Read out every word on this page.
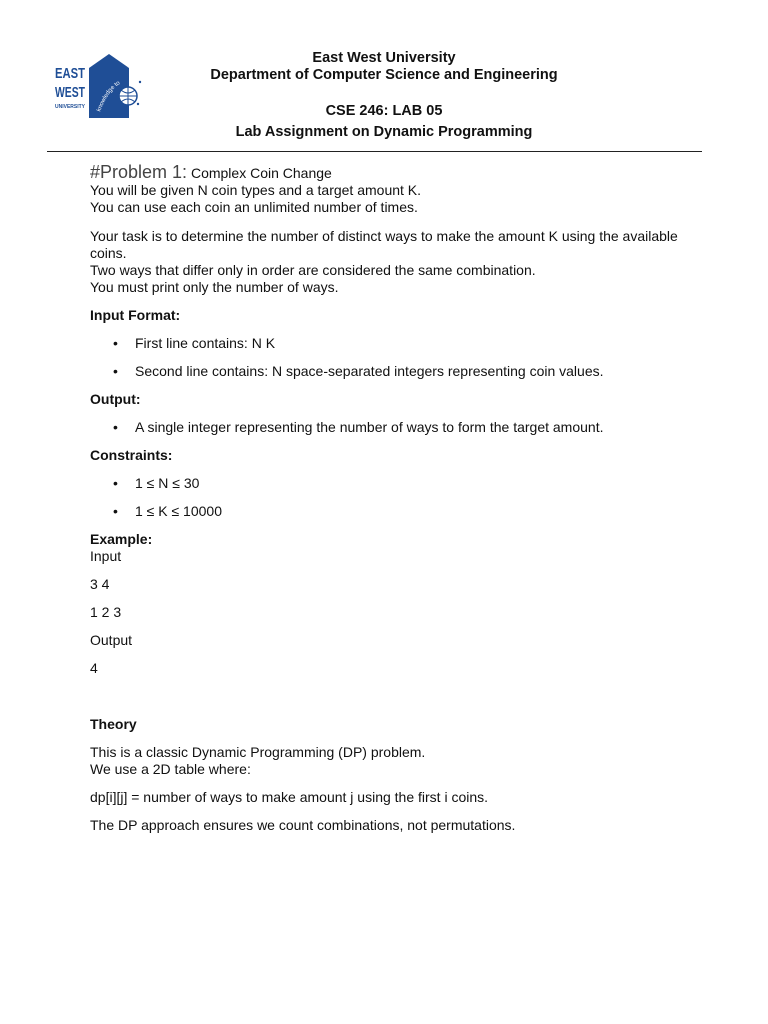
EAST
WEST
UNIVERSITY
knowledge to
East West University
Department of Computer Science and Engineering
CSE 246: LAB 05
Lab Assignment on Dynamic Programming

#Problem 1: Complex Coin Change

You will be given N coin types and a target amount K.

You can use each coin an unlimited number of times.

Your task is to determine the number of distinct ways to make the amount K using the available coins.

Two ways that differ only in order are considered the same combination.

You must print only the number of ways.

Input Format:

• First line contains: N K
• Second line contains: N space-separated integers representing coin values.

Output:

• A single integer representing the number of ways to form the target amount.

Constraints:

• 1 ≤ N ≤ 30
• 1 ≤ K ≤ 10000

Example:

Input

3 4

1 2 3

Output

4

Theory

This is a classic Dynamic Programming (DP) problem.

We use a 2D table where:

dp[i][j] = number of ways to make amount j using the first i coins.

The DP approach ensures we count combinations, not permutations.
